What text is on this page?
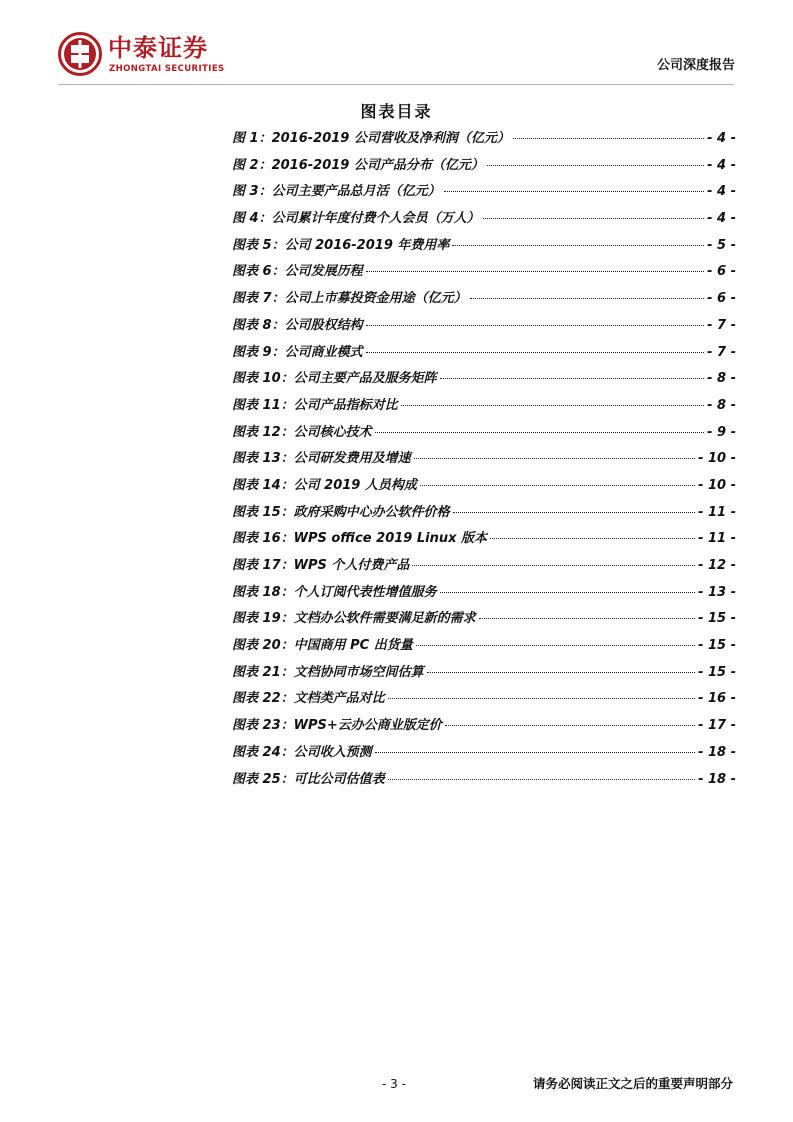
中泰证券
ZHONGTAI SECURITIES	公司深度报告
图表目录
图 1： 2016-2019 公司营收及净利润（亿元）	- 4 -
图 2： 2016-2019 公司产品分布（亿元）	- 4 -
图 3： 公司主要产品总月活（亿元）	- 4 -
图 4： 公司累计年度付费个人会员（万人）	- 4 -
图表 5： 公司 2016-2019 年费用率	- 5 -
图表 6： 公司发展历程	- 6 -
图表 7： 公司上市募投资金用途（亿元）	- 6 -
图表 8： 公司股权结构	- 7 -
图表 9： 公司商业模式	- 7 -
图表 10： 公司主要产品及服务矩阵	- 8 -
图表 11： 公司产品指标对比	- 8 -
图表 12： 公司核心技术	- 9 -
图表 13： 公司研发费用及增速	- 10 -
图表 14： 公司 2019 人员构成	- 10 -
图表 15： 政府采购中心办公软件价格	- 11 -
图表 16： WPS office 2019 Linux 版本	- 11 -
图表 17： WPS 个人付费产品	- 12 -
图表 18： 个人订阅代表性增值服务	- 13 -
图表 19： 文档办公软件需要满足新的需求	- 15 -
图表 20： 中国商用 PC 出货量	- 15 -
图表 21： 文档协同市场空间估算	- 15 -
图表 22： 文档类产品对比	- 16 -
图表 23： WPS+云办公商业版定价	- 17 -
图表 24： 公司收入预测	- 18 -
图表 25： 可比公司估值表	- 18 -
- 3 -	请务必阅读正文之后的重要声明部分
